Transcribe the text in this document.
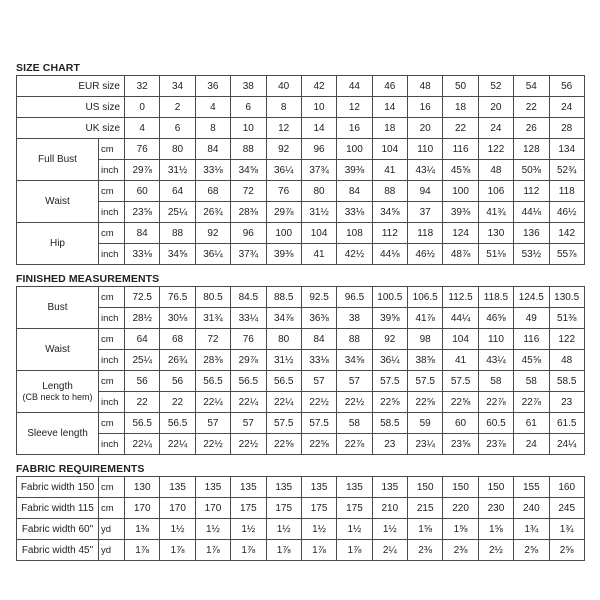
SIZE CHART
EUR size		32	34	36	38	40	42	44	46	48	50	52	54	56
US size		0	2	4	6	8	10	12	14	16	18	20	22	24
UK size		4	6	8	10	12	14	16	18	20	22	24	26	28
Full Bust	cm	76	80	84	88	92	96	100	104	110	116	122	128	134
	inch	29⅞	31½	33⅛	34⅝	36¼	37¾	39⅜	41	43¼	45⅝	48	50⅜	52¾
Waist	cm	60	64	68	72	76	80	84	88	94	100	106	112	118
	inch	23⅝	25¼	26¾	28⅜	29⅞	31½	33⅛	34⅝	37	39⅜	41¾	44⅛	46½
Hip	cm	84	88	92	96	100	104	108	112	118	124	130	136	142
	inch	33⅛	34⅝	36¼	37¾	39⅜	41	42½	44⅛	46½	48⅞	51⅛	53½	55⅞
FINISHED MEASUREMENTS
Bust	cm	72.5	76.5	80.5	84.5	88.5	92.5	96.5	100.5	106.5	112.5	118.5	124.5	130.5
	inch	28½	30⅛	31¾	33¼	34⅞	36⅜	38	39⅝	41⅞	44¼	46⅝	49	51⅜

Waist	cm	64	68	72	76	80	84	88	92	98	104	110	116	122
	inch	25¼	26¾	28⅜	29⅞	31½	33⅛	34⅝	36¼	38⅝	41	43¼	45⅝	48

Length
(CB neck to hem)	cm	56	56	56.5	56.5	56.5	57	57	57.5	57.5	57.5	58	58	58.5
	inch	22	22	22¼	22¼	22¼	22½	22½	22⅝	22⅝	22⅝	22⅞	22⅞	23

Sleeve length	cm	56.5	56.5	57	57	57.5	57.5	58	58.5	59	60	60.5	61	61.5
	inch	22¼	22¼	22½	22½	22⅝	22⅝	22⅞	23	23¼	23⅝	23⅞	24	24¼
FABRIC REQUIREMENTS
Fabric width 150	cm	130	135	135	135	135	135	135	135	150	150	150	155	160
Fabric width 115	cm	170	170	170	175	175	175	175	210	215	220	230	240	245
Fabric width 60"	yd	1⅜	1½	1½	1½	1½	1½	1½	1½	1⅝	1⅝	1⅝	1¾	1¾
Fabric width 45"	yd	1⅞	1⅞	1⅞	1⅞	1⅞	1⅞	1⅞	2¼	2⅜	2⅜	2½	2⅝	2⅝
